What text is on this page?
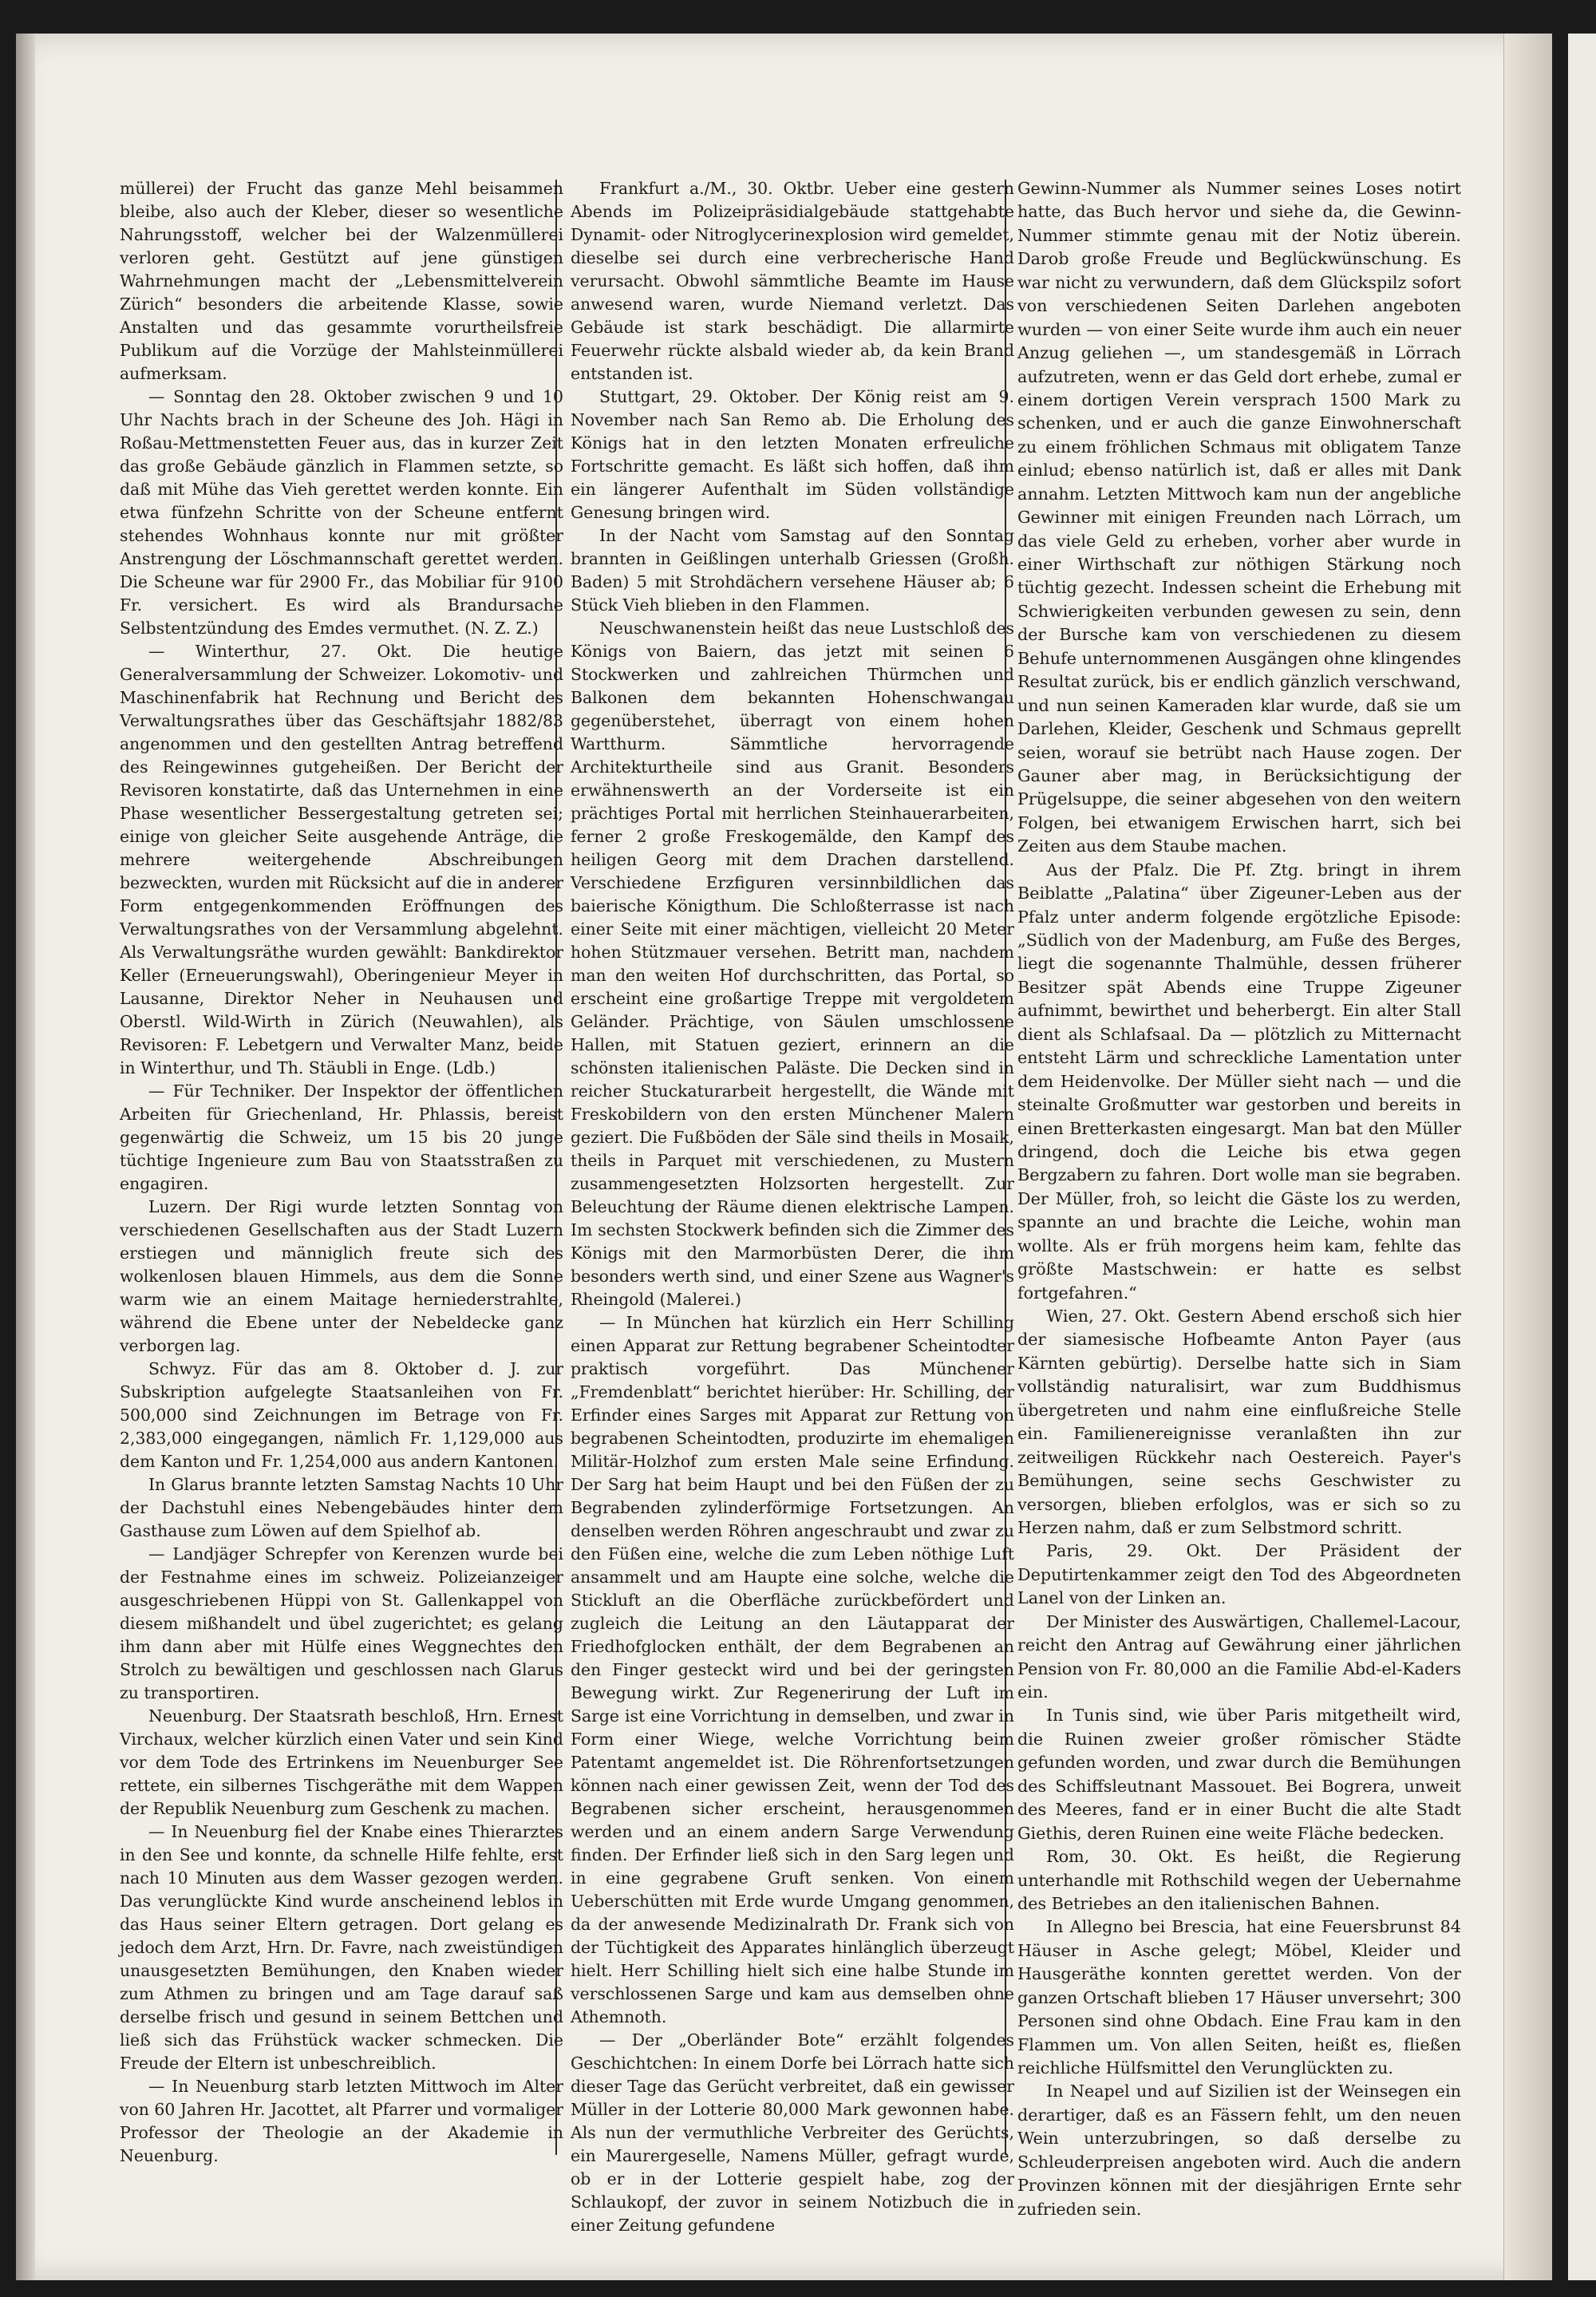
müllerei) der Frucht das ganze Mehl beisammen bleibe, also auch der Kleber, dieser so wesentliche Nahrungsstoff, welcher bei der Walzenmüllerei verloren geht. Gestützt auf jene günstigen Wahrnehmungen macht der „Lebensmittelverein Zürich“ besonders die arbeitende Klasse, sowie Anstalten und das gesammte vorurtheilsfreie Publikum auf die Vorzüge der Mahlsteinmüllerei aufmerksam.

— Sonntag den 28. Oktober zwischen 9 und 10 Uhr Nachts brach in der Scheune des Joh. Hägi in Roßau-Mettmenstetten Feuer aus, das in kurzer Zeit das große Gebäude gänzlich in Flammen setzte, so daß mit Mühe das Vieh gerettet werden konnte. Ein etwa fünfzehn Schritte von der Scheune entfernt stehendes Wohnhaus konnte nur mit größter Anstrengung der Löschmannschaft gerettet werden. Die Scheune war für 2900 Fr., das Mobiliar für 9100 Fr. versichert. Es wird als Brandursache Selbstentzündung des Emdes vermuthet. (N. Z. Z.)

— Winterthur, 27. Okt. Die heutige Generalversammlung der Schweizer. Lokomotiv- und Maschinenfabrik hat Rechnung und Bericht des Verwaltungsrathes über das Geschäftsjahr 1882/83 angenommen und den gestellten Antrag betreffend des Reingewinnes gutgeheißen. Der Bericht der Revisoren konstatirte, daß das Unternehmen in eine Phase wesentlicher Bessergestaltung getreten sei; einige von gleicher Seite ausgehende Anträge, die mehrere weitergehende Abschreibungen bezweckten, wurden mit Rücksicht auf die in anderer Form entgegenkommenden Eröffnungen des Verwaltungsrathes von der Versammlung abgelehnt. Als Verwaltungsräthe wurden gewählt: Bankdirektor Keller (Erneuerungswahl), Oberingenieur Meyer in Lausanne, Direktor Neher in Neuhausen und Oberstl. Wild-Wirth in Zürich (Neuwahlen), als Revisoren: F. Lebetgern und Verwalter Manz, beide in Winterthur, und Th. Stäubli in Enge. (Ldb.)

— Für Techniker. Der Inspektor der öffentlichen Arbeiten für Griechenland, Hr. Phlassis, bereist gegenwärtig die Schweiz, um 15 bis 20 junge tüchtige Ingenieure zum Bau von Staatsstraßen zu engagiren.

Luzern. Der Rigi wurde letzten Sonntag von verschiedenen Gesellschaften aus der Stadt Luzern erstiegen und männiglich freute sich des wolkenlosen blauen Himmels, aus dem die Sonne warm wie an einem Maitage herniederstrahlte, während die Ebene unter der Nebeldecke ganz verborgen lag.

Schwyz. Für das am 8. Oktober d. J. zur Subskription aufgelegte Staatsanleihen von Fr. 500,000 sind Zeichnungen im Betrage von Fr. 2,383,000 eingegangen, nämlich Fr. 1,129,000 aus dem Kanton und Fr. 1,254,000 aus andern Kantonen.

In Glarus brannte letzten Samstag Nachts 10 Uhr der Dachstuhl eines Nebengebäudes hinter dem Gasthause zum Löwen auf dem Spielhof ab.

— Landjäger Schrepfer von Kerenzen wurde bei der Festnahme eines im schweiz. Polizeianzeiger ausgeschriebenen Hüppi von St. Gallenkappel von diesem mißhandelt und übel zugerichtet; es gelang ihm dann aber mit Hülfe eines Weggnechtes den Strolch zu bewältigen und geschlossen nach Glarus zu transportiren.

Neuenburg. Der Staatsrath beschloß, Hrn. Ernest Virchaux, welcher kürzlich einen Vater und sein Kind vor dem Tode des Ertrinkens im Neuenburger See rettete, ein silbernes Tischgeräthe mit dem Wappen der Republik Neuenburg zum Geschenk zu machen.

— In Neuenburg fiel der Knabe eines Thierarztes in den See und konnte, da schnelle Hilfe fehlte, erst nach 10 Minuten aus dem Wasser gezogen werden. Das verunglückte Kind wurde anscheinend leblos in das Haus seiner Eltern getragen. Dort gelang es jedoch dem Arzt, Hrn. Dr. Favre, nach zweistündigen unausgesetzten Bemühungen, den Knaben wieder zum Athmen zu bringen und am Tage darauf saß derselbe frisch und gesund in seinem Bettchen und ließ sich das Frühstück wacker schmecken. Die Freude der Eltern ist unbeschreiblich.

— In Neuenburg starb letzten Mittwoch im Alter von 60 Jahren Hr. Jacottet, alt Pfarrer und vormaliger Professor der Theologie an der Akademie in Neuenburg.

Frankfurt a./M., 30. Oktbr. Ueber eine gestern Abends im Polizeipräsidialgebäude stattgehabte Dynamit- oder Nitroglycerinexplosion wird gemeldet, dieselbe sei durch eine verbrecherische Hand verursacht. Obwohl sämmtliche Beamte im Hause anwesend waren, wurde Niemand verletzt. Das Gebäude ist stark beschädigt. Die allarmirte Feuerwehr rückte alsbald wieder ab, da kein Brand entstanden ist.

Stuttgart, 29. Oktober. Der König reist am 9. November nach San Remo ab. Die Erholung des Königs hat in den letzten Monaten erfreuliche Fortschritte gemacht. Es läßt sich hoffen, daß ihm ein längerer Aufenthalt im Süden vollständige Genesung bringen wird.

In der Nacht vom Samstag auf den Sonntag brannten in Geißlingen unterhalb Griessen (Großh. Baden) 5 mit Strohdächern versehene Häuser ab; 6 Stück Vieh blieben in den Flammen.

Neuschwanenstein heißt das neue Lustschloß des Königs von Baiern, das jetzt mit seinen 6 Stockwerken und zahlreichen Thürmchen und Balkonen dem bekannten Hohenschwangau gegenüberstehet, überragt von einem hohen Wartthurm. Sämmtliche hervorragende Architekturtheile sind aus Granit. Besonders erwähnenswerth an der Vorderseite ist ein prächtiges Portal mit herrlichen Steinhauerarbeiten, ferner 2 große Freskogemälde, den Kampf des heiligen Georg mit dem Drachen darstellend. Verschiedene Erzfiguren versinnbildlichen das baierische Königthum. Die Schloßterrasse ist nach einer Seite mit einer mächtigen, vielleicht 20 Meter hohen Stützmauer versehen. Betritt man, nachdem man den weiten Hof durchschritten, das Portal, so erscheint eine großartige Treppe mit vergoldetem Geländer. Prächtige, von Säulen umschlossene Hallen, mit Statuen geziert, erinnern an die schönsten italienischen Paläste. Die Decken sind in reicher Stuckaturarbeit hergestellt, die Wände mit Freskobildern von den ersten Münchener Malern geziert. Die Fußböden der Säle sind theils in Mosaik, theils in Parquet mit verschiedenen, zu Mustern zusammengesetzten Holzsorten hergestellt. Zur Beleuchtung der Räume dienen elektrische Lampen. Im sechsten Stockwerk befinden sich die Zimmer des Königs mit den Marmorbüsten Derer, die ihm besonders werth sind, und einer Szene aus Wagner's Rheingold (Malerei.)

— In München hat kürzlich ein Herr Schilling einen Apparat zur Rettung begrabener Scheintodter praktisch vorgeführt. Das Münchener „Fremdenblatt“ berichtet hierüber: Hr. Schilling, der Erfinder eines Sarges mit Apparat zur Rettung von begrabenen Scheintodten, produzirte im ehemaligen Militär-Holzhof zum ersten Male seine Erfindung. Der Sarg hat beim Haupt und bei den Füßen der zu Begrabenden zylinderförmige Fortsetzungen. An denselben werden Röhren angeschraubt und zwar zu den Füßen eine, welche die zum Leben nöthige Luft ansammelt und am Haupte eine solche, welche die Stickluft an die Oberfläche zurückbefördert und zugleich die Leitung an den Läutapparat der Friedhofglocken enthält, der dem Begrabenen an den Finger gesteckt wird und bei der geringsten Bewegung wirkt. Zur Regenerirung der Luft im Sarge ist eine Vorrichtung in demselben, und zwar in Form einer Wiege, welche Vorrichtung beim Patentamt angemeldet ist. Die Röhrenfortsetzungen können nach einer gewissen Zeit, wenn der Tod des Begrabenen sicher erscheint, herausgenommen werden und an einem andern Sarge Verwendung finden. Der Erfinder ließ sich in den Sarg legen und in eine gegrabene Gruft senken. Von einem Ueberschütten mit Erde wurde Umgang genommen, da der anwesende Medizinalrath Dr. Frank sich von der Tüchtigkeit des Apparates hinlänglich überzeugt hielt. Herr Schilling hielt sich eine halbe Stunde im verschlossenen Sarge und kam aus demselben ohne Athemnoth.

— Der „Oberländer Bote“ erzählt folgendes Geschichtchen: In einem Dorfe bei Lörrach hatte sich dieser Tage das Gerücht verbreitet, daß ein gewisser Müller in der Lotterie 80,000 Mark gewonnen habe. Als nun der vermuthliche Verbreiter des Gerüchts, ein Maurergeselle, Namens Müller, gefragt wurde, ob er in der Lotterie gespielt habe, zog der Schlaukopf, der zuvor in seinem Notizbuch die in einer Zeitung gefundene

Gewinn-Nummer als Nummer seines Loses notirt hatte, das Buch hervor und siehe da, die Gewinn-Nummer stimmte genau mit der Notiz überein. Darob große Freude und Beglückwünschung. Es war nicht zu verwundern, daß dem Glückspilz sofort von verschiedenen Seiten Darlehen angeboten wurden — von einer Seite wurde ihm auch ein neuer Anzug geliehen —, um standesgemäß in Lörrach aufzutreten, wenn er das Geld dort erhebe, zumal er einem dortigen Verein versprach 1500 Mark zu schenken, und er auch die ganze Einwohnerschaft zu einem fröhlichen Schmaus mit obligatem Tanze einlud; ebenso natürlich ist, daß er alles mit Dank annahm. Letzten Mittwoch kam nun der angebliche Gewinner mit einigen Freunden nach Lörrach, um das viele Geld zu erheben, vorher aber wurde in einer Wirthschaft zur nöthigen Stärkung noch tüchtig gezecht. Indessen scheint die Erhebung mit Schwierigkeiten verbunden gewesen zu sein, denn der Bursche kam von verschiedenen zu diesem Behufe unternommenen Ausgängen ohne klingendes Resultat zurück, bis er endlich gänzlich verschwand, und nun seinen Kameraden klar wurde, daß sie um Darlehen, Kleider, Geschenk und Schmaus geprellt seien, worauf sie betrübt nach Hause zogen. Der Gauner aber mag, in Berücksichtigung der Prügelsuppe, die seiner abgesehen von den weitern Folgen, bei etwanigem Erwischen harrt, sich bei Zeiten aus dem Staube machen.

Aus der Pfalz. Die Pf. Ztg. bringt in ihrem Beiblatte „Palatina“ über Zigeuner-Leben aus der Pfalz unter anderm folgende ergötzliche Episode: „Südlich von der Madenburg, am Fuße des Berges, liegt die sogenannte Thalmühle, dessen früherer Besitzer spät Abends eine Truppe Zigeuner aufnimmt, bewirthet und beherbergt. Ein alter Stall dient als Schlafsaal. Da — plötzlich zu Mitternacht entsteht Lärm und schreckliche Lamentation unter dem Heidenvolke. Der Müller sieht nach — und die steinalte Großmutter war gestorben und bereits in einen Bretterkasten eingesargt. Man bat den Müller dringend, doch die Leiche bis etwa gegen Bergzabern zu fahren. Dort wolle man sie begraben. Der Müller, froh, so leicht die Gäste los zu werden, spannte an und brachte die Leiche, wohin man wollte. Als er früh morgens heim kam, fehlte das größte Mastschwein: er hatte es selbst fortgefahren.“

Wien, 27. Okt. Gestern Abend erschoß sich hier der siamesische Hofbeamte Anton Payer (aus Kärnten gebürtig). Derselbe hatte sich in Siam vollständig naturalisirt, war zum Buddhismus übergetreten und nahm eine einflußreiche Stelle ein. Familienereignisse veranlaßten ihn zur zeitweiligen Rückkehr nach Oestereich. Payer's Bemühungen, seine sechs Geschwister zu versorgen, blieben erfolglos, was er sich so zu Herzen nahm, daß er zum Selbstmord schritt.

Paris, 29. Okt. Der Präsident der Deputirtenkammer zeigt den Tod des Abgeordneten Lanel von der Linken an.

Der Minister des Auswärtigen, Challemel-Lacour, reicht den Antrag auf Gewährung einer jährlichen Pension von Fr. 80,000 an die Familie Abd-el-Kaders ein.

In Tunis sind, wie über Paris mitgetheilt wird, die Ruinen zweier großer römischer Städte gefunden worden, und zwar durch die Bemühungen des Schiffsleutnant Massouet. Bei Bogrera, unweit des Meeres, fand er in einer Bucht die alte Stadt Giethis, deren Ruinen eine weite Fläche bedecken.

Rom, 30. Okt. Es heißt, die Regierung unterhandle mit Rothschild wegen der Uebernahme des Betriebes an den italienischen Bahnen.

In Allegno bei Brescia, hat eine Feuersbrunst 84 Häuser in Asche gelegt; Möbel, Kleider und Hausgeräthe konnten gerettet werden. Von der ganzen Ortschaft blieben 17 Häuser unversehrt; 300 Personen sind ohne Obdach. Eine Frau kam in den Flammen um. Von allen Seiten, heißt es, fließen reichliche Hülfsmittel den Verunglückten zu.

In Neapel und auf Sizilien ist der Weinsegen ein derartiger, daß es an Fässern fehlt, um den neuen Wein unterzubringen, so daß derselbe zu Schleuderpreisen angeboten wird. Auch die andern Provinzen können mit der diesjährigen Ernte sehr zufrieden sein.
